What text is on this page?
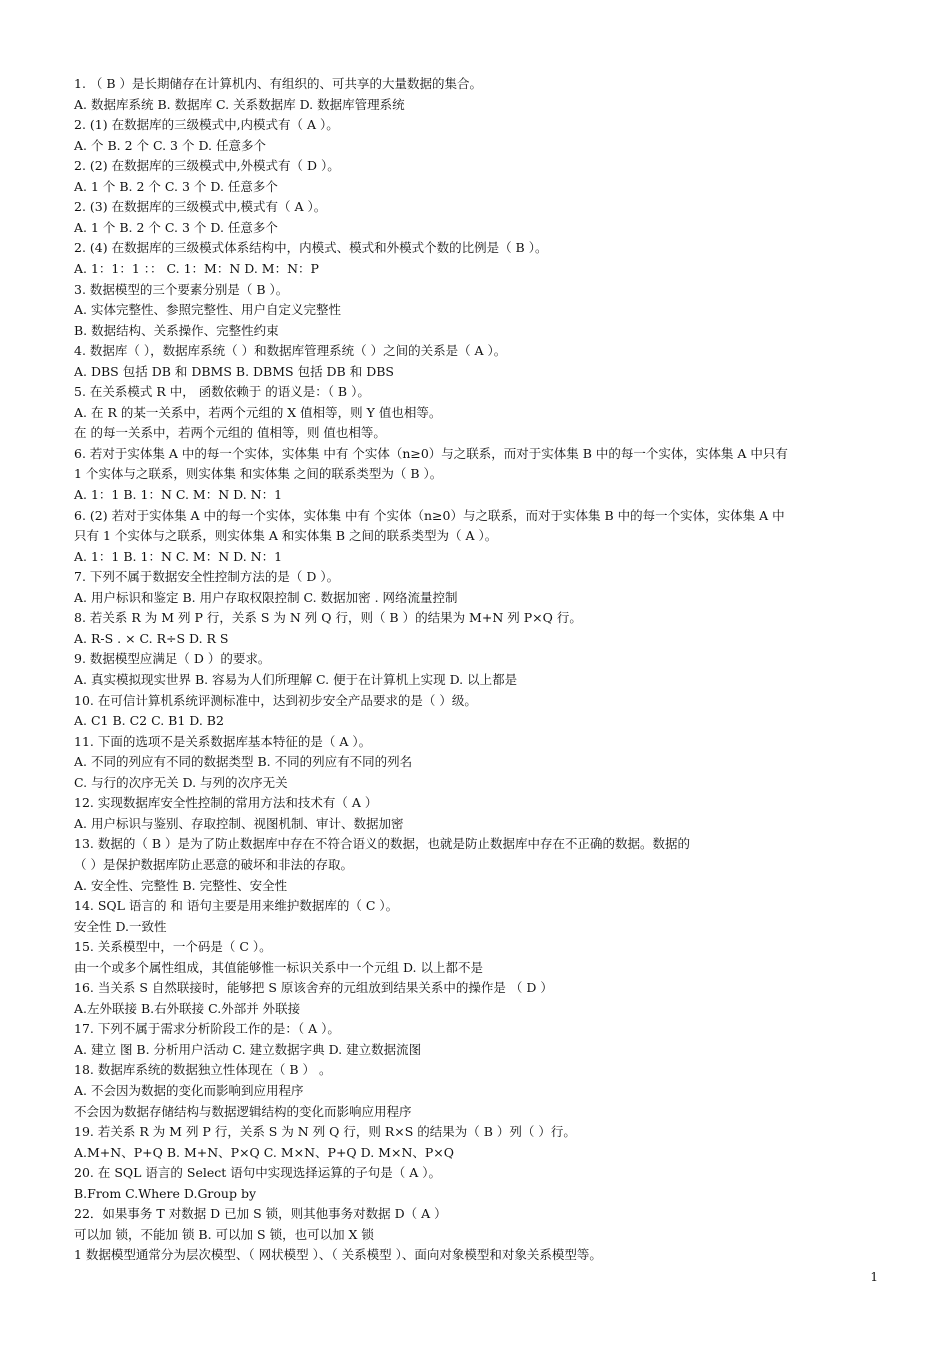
1. （ B ）是长期储存在计算机内、有组织的、可共享的大量数据的集合。
A. 数据库系统 B. 数据库 C. 关系数据库 D. 数据库管理系统
2. (1) 在数据库的三级模式中,内模式有（ A ）。
A. 个 B. 2 个 C. 3 个 D. 任意多个
2. (2) 在数据库的三级模式中,外模式有（ D ）。
A. 1 个 B. 2 个 C. 3 个 D. 任意多个
2. (3) 在数据库的三级模式中,模式有（ A ）。
A. 1 个 B. 2 个 C. 3 个 D. 任意多个
2. (4) 在数据库的三级模式体系结构中，内模式、模式和外模式个数的比例是（ B ）。
A. 1：1：1 ：： C. 1：M：N D. M：N：P
3. 数据模型的三个要素分别是（ B ）。
A. 实体完整性、参照完整性、用户自定义完整性
B. 数据结构、关系操作、完整性约束
4. 数据库（ ），数据库系统（ ）和数据库管理系统（ ）之间的关系是（ A ）。
A. DBS 包括 DB 和 DBMS B. DBMS 包括 DB 和 DBS
5. 在关系模式 R 中， 函数依赖于 的语义是：（ B ）。
A. 在 R 的某一关系中，若两个元组的 X 值相等，则 Y 值也相等。
在 的每一关系中，若两个元组的 值相等，则 值也相等。
6. 若对于实体集 A 中的每一个实体，实体集 中有 个实体（n≥0）与之联系，而对于实体集 B 中的每一个实体，实体集 A 中只有
1 个实体与之联系，则实体集 和实体集 之间的联系类型为（ B ）。
A. 1：1 B. 1：N C. M：N D. N：1
6. (2) 若对于实体集 A 中的每一个实体，实体集 中有 个实体（n≥0）与之联系，而对于实体集 B 中的每一个实体，实体集 A 中
只有 1 个实体与之联系，则实体集 A 和实体集 B 之间的联系类型为（ A ）。
A. 1：1 B. 1：N C. M：N D. N：1
7. 下列不属于数据安全性控制方法的是（ D ）。
A. 用户标识和鉴定 B. 用户存取权限控制 C. 数据加密 . 网络流量控制
8. 若关系 R 为 M 列 P 行，关系 S 为 N 列 Q 行，则（ B ）的结果为 M+N 列 P×Q 行。
A. R-S . × C. R÷S D. R S
9. 数据模型应满足（ D ）的要求。
A. 真实模拟现实世界 B. 容易为人们所理解 C. 便于在计算机上实现 D. 以上都是
10. 在可信计算机系统评测标准中，达到初步安全产品要求的是（ ）级。
A. C1 B. C2 C. B1 D. B2
11. 下面的选项不是关系数据库基本特征的是（ A ）。
A. 不同的列应有不同的数据类型 B. 不同的列应有不同的列名
C. 与行的次序无关 D. 与列的次序无关
12. 实现数据库安全性控制的常用方法和技术有（ A ）
A. 用户标识与鉴别、存取控制、视图机制、审计、数据加密
13. 数据的（ B ）是为了防止数据库中存在不符合语义的数据，也就是防止数据库中存在不正确的数据。数据的
（ ）是保护数据库防止恶意的破坏和非法的存取。
A. 安全性、完整性 B. 完整性、安全性
14. SQL 语言的 和 语句主要是用来维护数据库的（ C ）。
安全性 D.一致性
15. 关系模型中，一个码是（ C ）。
由一个或多个属性组成，其值能够惟一标识关系中一个元组 D. 以上都不是
16. 当关系 S 自然联接时，能够把 S 原该舍弃的元组放到结果关系中的操作是 （ D ）
A.左外联接 B.右外联接 C.外部并 外联接
17. 下列不属于需求分析阶段工作的是：（ A ）。
A. 建立 图 B. 分析用户活动 C. 建立数据字典 D. 建立数据流图
18. 数据库系统的数据独立性体现在（ B ） 。
A. 不会因为数据的变化而影响到应用程序
不会因为数据存储结构与数据逻辑结构的变化而影响应用程序
19. 若关系 R 为 M 列 P 行，关系 S 为 N 列 Q 行，则 R×S 的结果为（ B ）列（ ）行。
A.M+N、P+Q B. M+N、P×Q C. M×N、P+Q D. M×N、P×Q
20. 在 SQL 语言的 Select 语句中实现选择运算的子句是（ A ）。
B.From C.Where D.Group by
22．如果事务 T 对数据 D 已加 S 锁，则其他事务对数据 D（ A ）
可以加 锁，不能加 锁 B. 可以加 S 锁，也可以加 X 锁
1 数据模型通常分为层次模型、（ 网状模型 ）、（ 关系模型 ）、面向对象模型和对象关系模型等。
1
